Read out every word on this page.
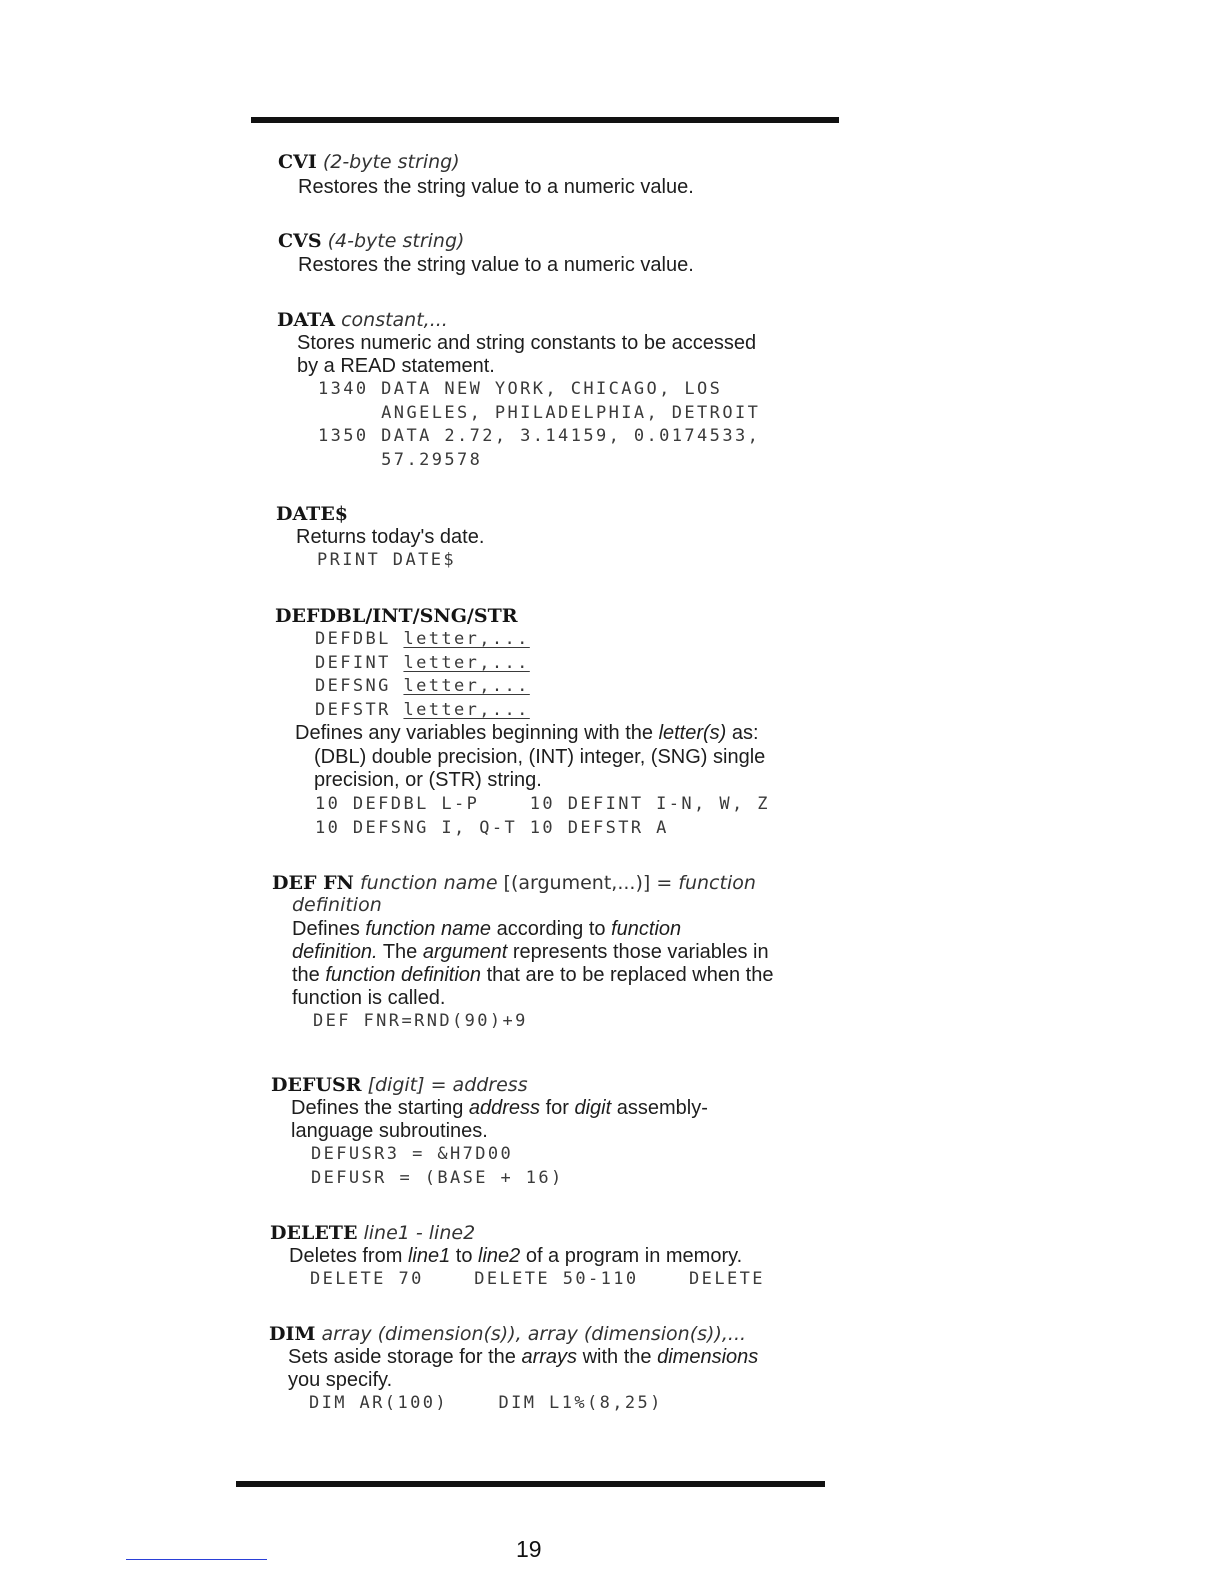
CVI (2-byte string)
Restores the string value to a numeric value.
CVS (4-byte string)
Restores the string value to a numeric value.
DATA constant,...
Stores numeric and string constants to be accessed
by a READ statement.
1340 DATA NEW YORK, CHICAGO, LOS
ANGELES, PHILADELPHIA, DETROIT
1350 DATA 2.72, 3.14159, 0.0174533,
57.29578
DATE$
Returns today's date.
PRINT DATE$
DEFDBL/INT/SNG/STR
DEFDBL letter,...
DEFINT letter,...
DEFSNG letter,...
DEFSTR letter,...
Defines any variables beginning with the letter(s) as:
(DBL) double precision, (INT) integer, (SNG) single
precision, or (STR) string.
10 DEFDBL L-P    10 DEFINT I-N, W, Z
10 DEFSNG I, Q-T 10 DEFSTR A
DEF FN function name [(argument,...)] = function
definition
Defines function name according to function
definition. The argument represents those variables in
the function definition that are to be replaced when the
function is called.
DEF FNR=RND(90)+9
DEFUSR [digit] = address
Defines the starting address for digit assembly-
language subroutines.
DEFUSR3 = &H7D00
DEFUSR = (BASE + 16)
DELETE line1 - line2
Deletes from line1 to line2 of a program in memory.
DELETE 70    DELETE 50-110    DELETE
DIM array (dimension(s)), array (dimension(s)),...
Sets aside storage for the arrays with the dimensions
you specify.
DIM AR(100)    DIM L1%(8,25)
19
